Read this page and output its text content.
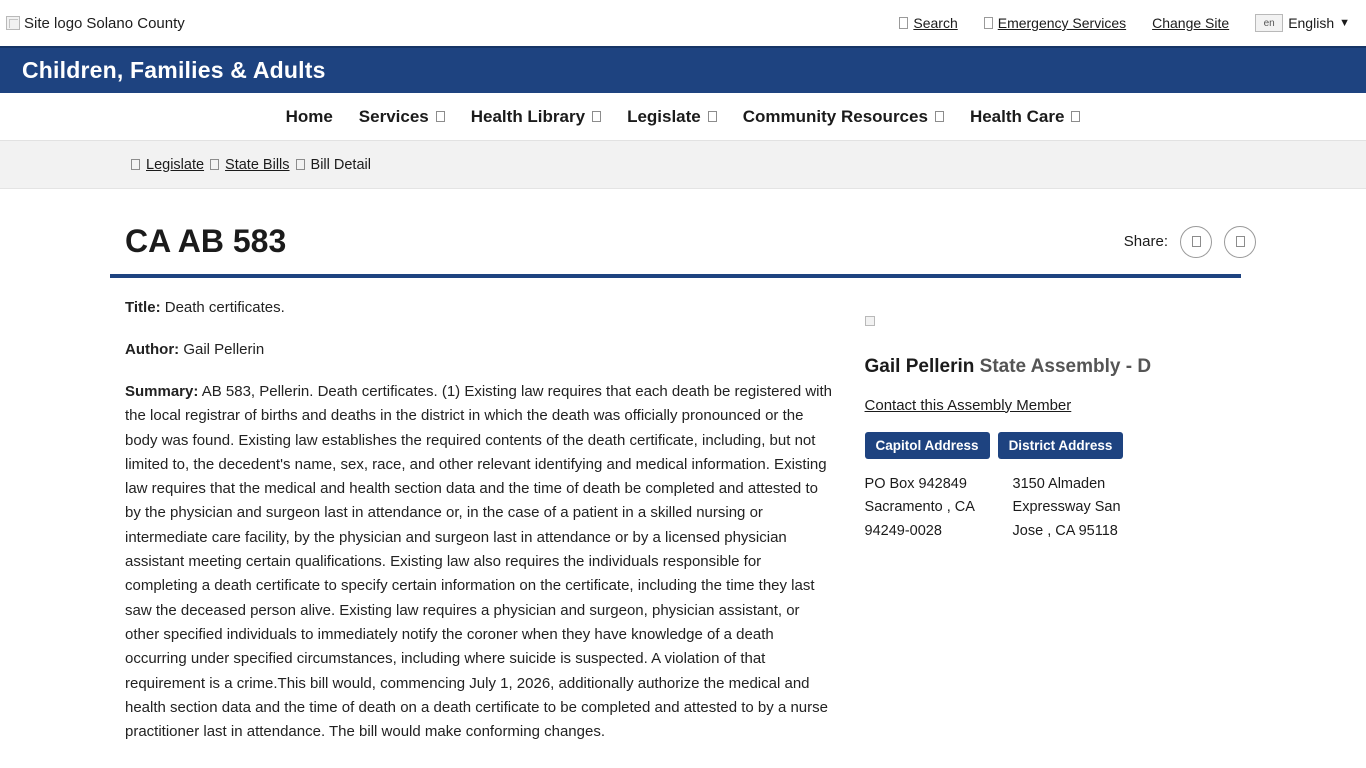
Site logo Solano County	Search	Emergency Services Change Site	en English ▼
Children, Families & Adults
Home Services Health Library Legislate Community Resources Health Care
Legislate State Bills Bill Detail
CA AB 583	Share:
Title: Death certificates.
Author: Gail Pellerin
Summary: AB 583, Pellerin. Death certificates. (1) Existing law requires that each death be registered with the local registrar of births and deaths in the district in which the death was officially pronounced or the body was found. Existing law establishes the required contents of the death certificate, including, but not limited to, the decedent's name, sex, race, and other relevant identifying and medical information. Existing law requires that the medical and health section data and the time of death be completed and attested to by the physician and surgeon last in attendance or, in the case of a patient in a skilled nursing or intermediate care facility, by the physician and surgeon last in attendance or by a licensed physician assistant meeting certain qualifications. Existing law also requires the individuals responsible for completing a death certificate to specify certain information on the certificate, including the time they last saw the deceased person alive. Existing law requires a physician and surgeon, physician assistant, or other specified individuals to immediately notify the coroner when they have knowledge of a death occurring under specified circumstances, including where suicide is suspected. A violation of that requirement is a crime.This bill would, commencing July 1, 2026, additionally authorize the medical and health section data and the time of death on a death certificate to be completed and attested to by a nurse practitioner last in attendance. The bill would make conforming changes.
Gail Pellerin State Assembly - D
Contact this Assembly Member
Capitol Address	District Address
PO Box 942849 Sacramento , CA 94249-0028
3150 Almaden Expressway San Jose , CA 95118
